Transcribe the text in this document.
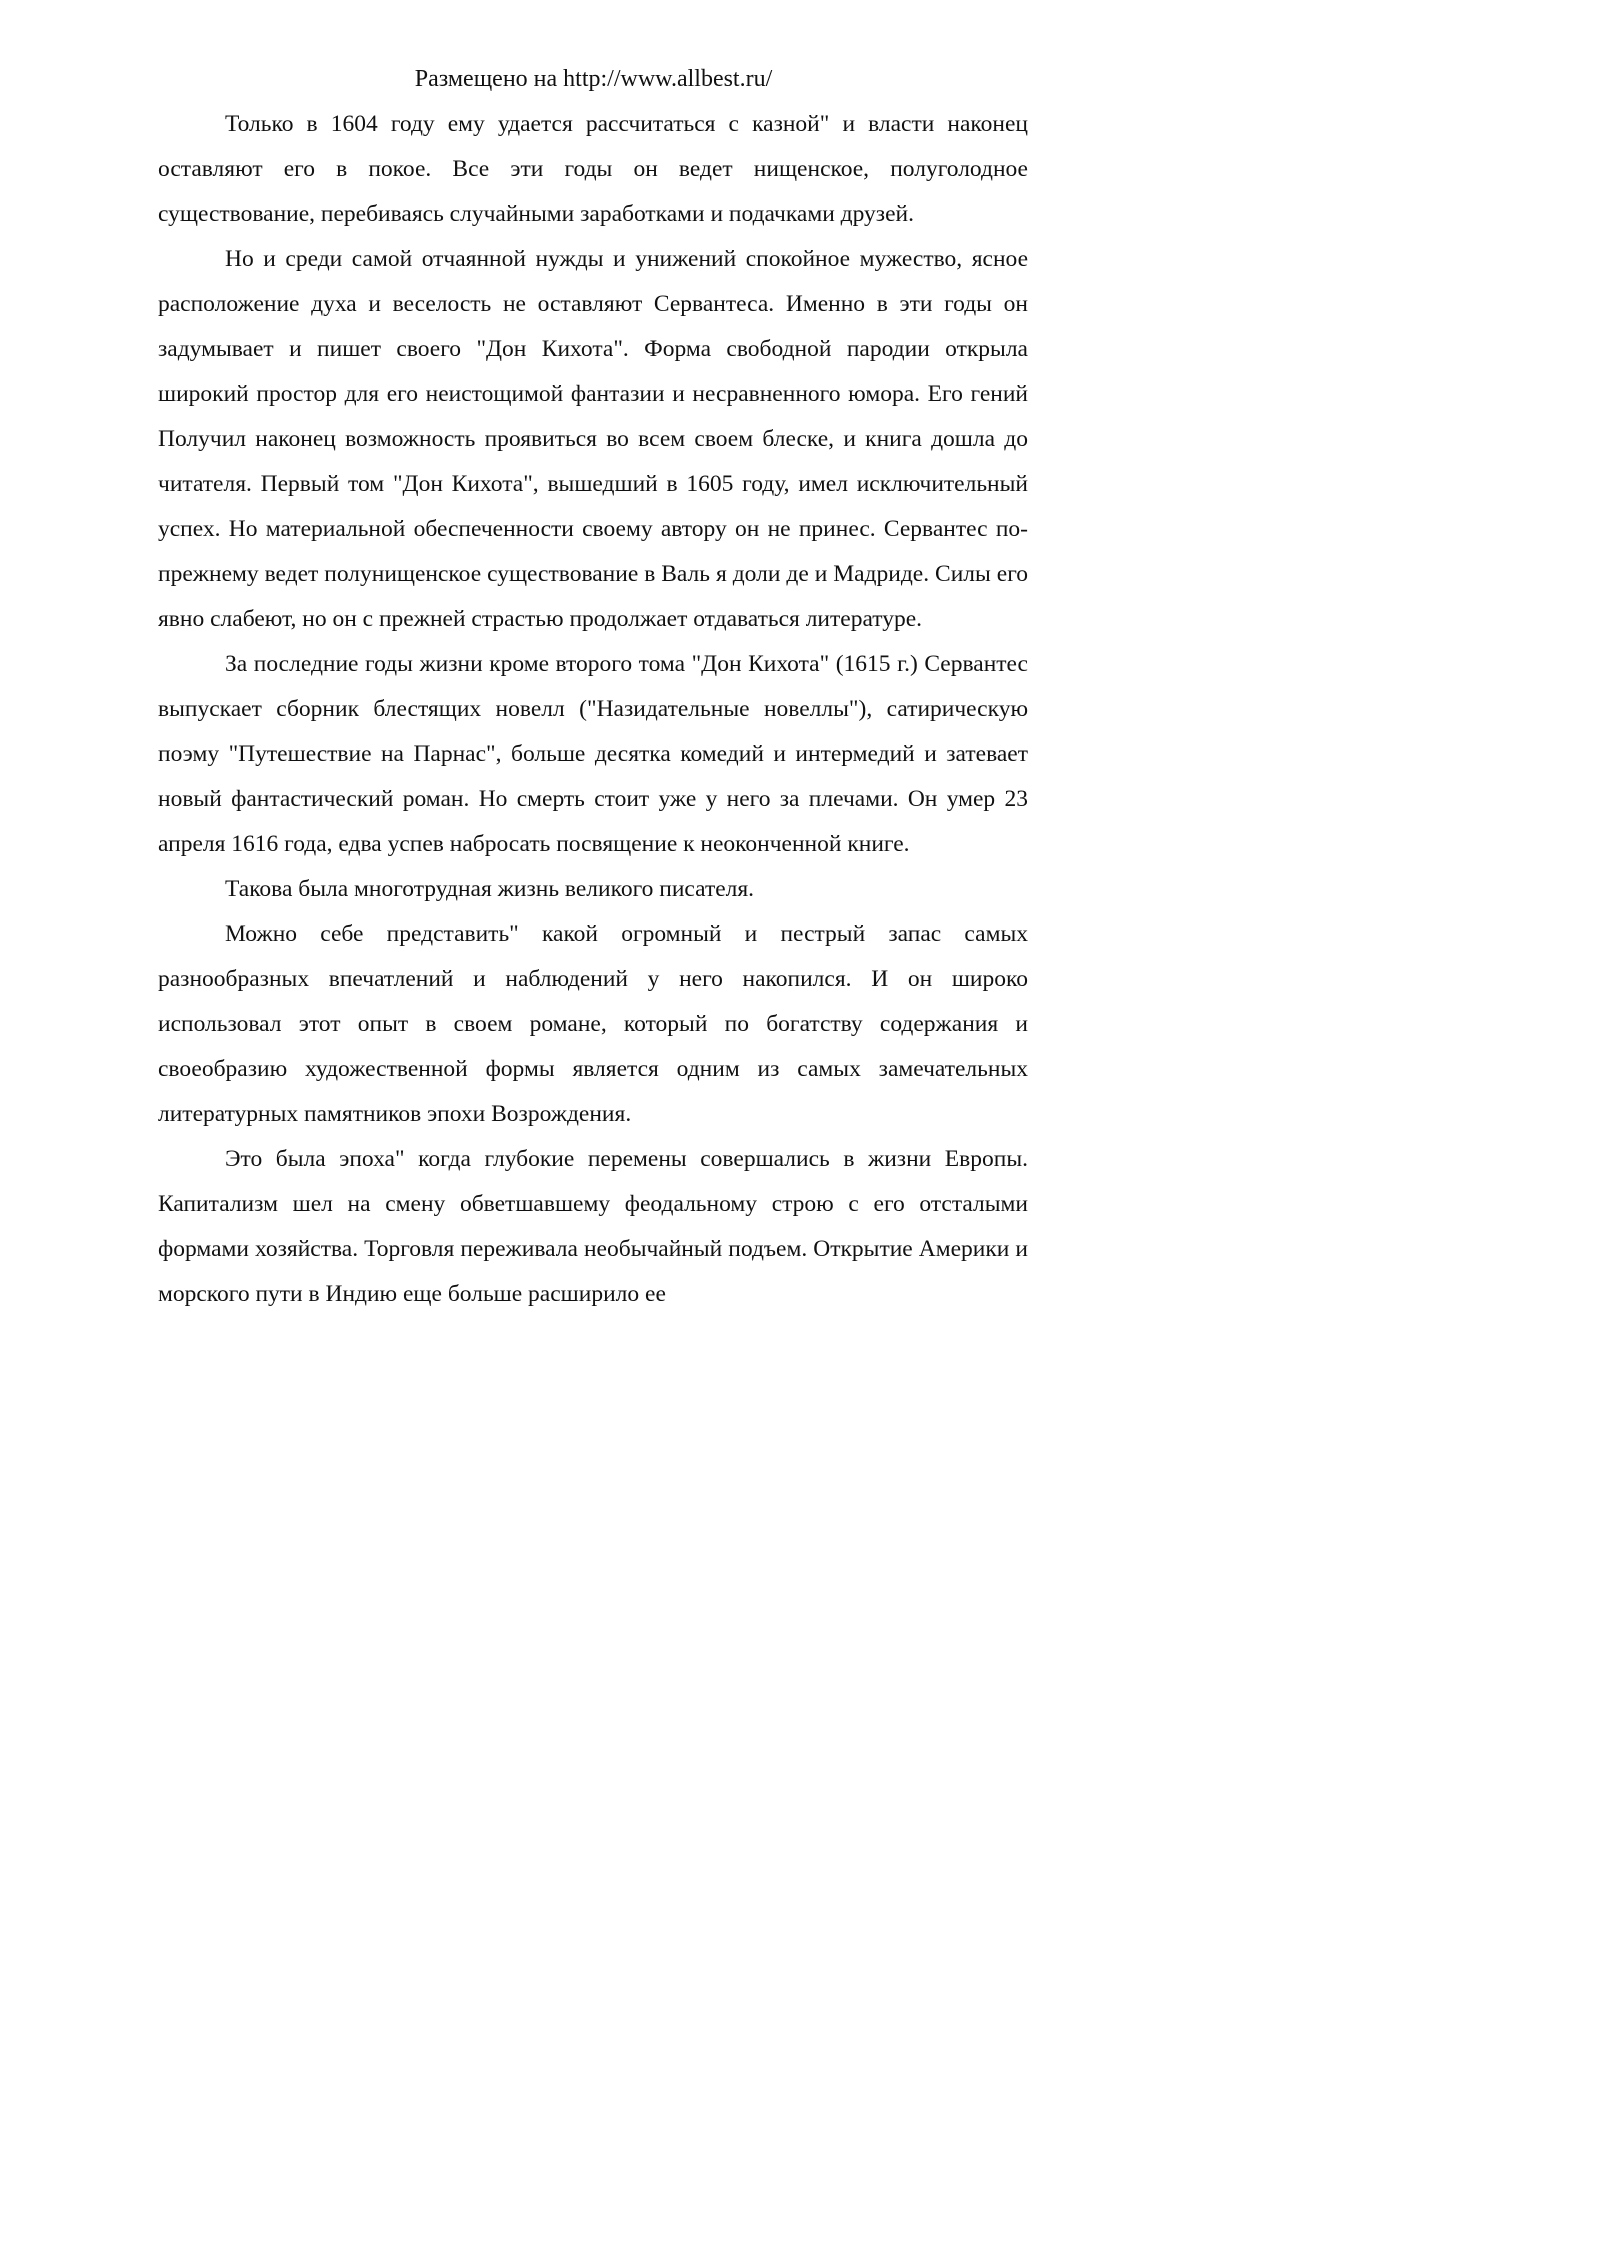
Размещено на http://www.allbest.ru/

Только в 1604 году ему удается рассчитаться с казной" и власти наконец оставляют его в покое. Все эти годы он ведет нищенское, полуголодное существование, перебиваясь случайными заработками и подачками друзей.

Но и среди самой отчаянной нужды и унижений спокойное мужество, ясное расположение духа и веселость не оставляют Сервантеса. Именно в эти годы он задумывает и пишет своего "Дон Кихота". Форма свободной пародии открыла широкий простор для его неистощимой фантазии и несравненного юмора. Его гений Получил наконец возможность проявиться во всем своем блеске, и книга дошла до читателя. Первый том "Дон Кихота", вышедший в 1605 году, имел исключительный успех. Но материальной обеспеченности своему автору он не принес. Сервантес по-прежнему ведет полунищенское существование в Валь я доли де и Мадриде. Силы его явно слабеют, но он с прежней страстью продолжает отдаваться литературе.

За последние годы жизни кроме второго тома "Дон Кихота" (1615 г.) Сервантес выпускает сборник блестящих новелл ("Назидательные новеллы"), сатирическую поэму "Путешествие на Парнас", больше десятка комедий и интермедий и затевает новый фантастический роман. Но смерть стоит уже у него за плечами. Он умер 23 апреля 1616 года, едва успев набросать посвящение к неоконченной книге.

Такова была многотрудная жизнь великого писателя.

Можно себе представить" какой огромный и пестрый запас самых разнообразных впечатлений и наблюдений у него накопился. И он широко использовал этот опыт в своем романе, который по богатству содержания и своеобразию художественной формы является одним из самых замечательных литературных памятников эпохи Возрождения.

Это была эпоха" когда глубокие перемены совершались в жизни Европы. Капитализм шел на смену обветшавшему феодальному строю с его отсталыми формами хозяйства. Торговля переживала необычайный подъем. Открытие Америки и морского пути в Индию еще больше расширило ее
